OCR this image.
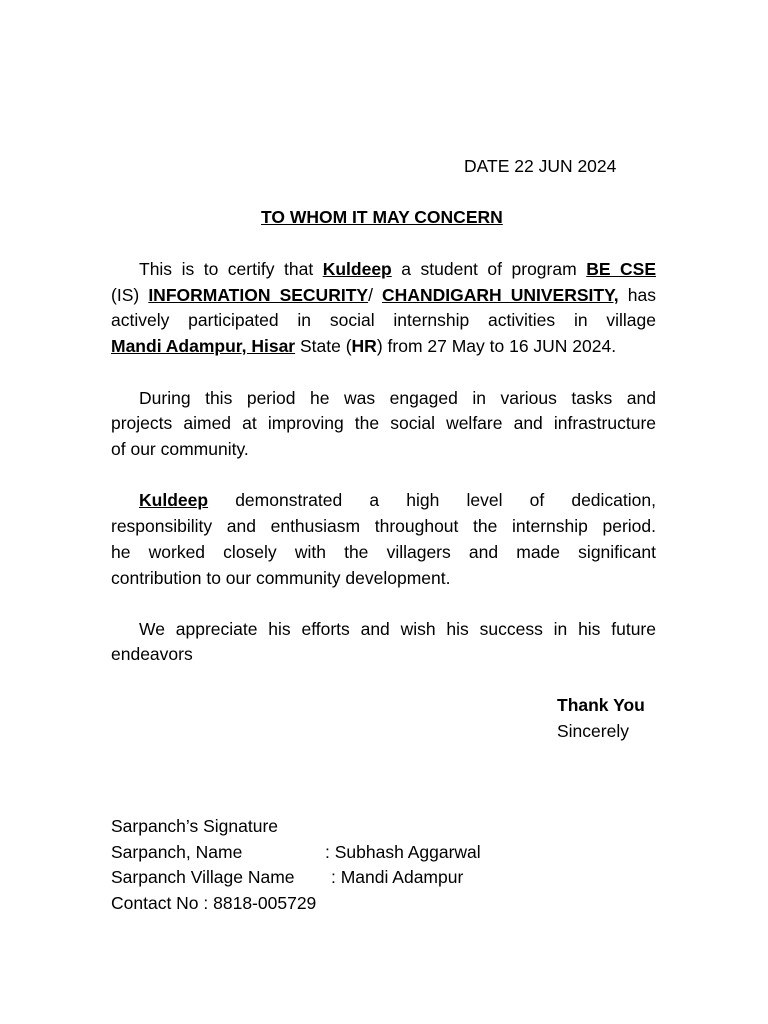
DATE 22 JUN 2024
TO WHOM IT MAY CONCERN
This is to certify that Kuldeep a student of program BE CSE
(IS) INFORMATION SECURITY/ CHANDIGARH UNIVERSITY, has
actively participated in social internship activities in village
Mandi Adampur, Hisar State (HR) from 27 May to 16 JUN 2024.
During this period he was engaged in various tasks and
projects aimed at improving the social welfare and infrastructure
of our community.
Kuldeep demonstrated a high level of dedication,
responsibility and enthusiasm throughout the internship period.
he worked closely with the villagers and made significant
contribution to our community development.
We appreciate his efforts and wish his success in his future
endeavors
Thank You
Sincerely
Sarpanch’s Signature
Sarpanch, Name	: Subhash Aggarwal
Sarpanch Village Name : Mandi Adampur
Contact No : 8818-005729
